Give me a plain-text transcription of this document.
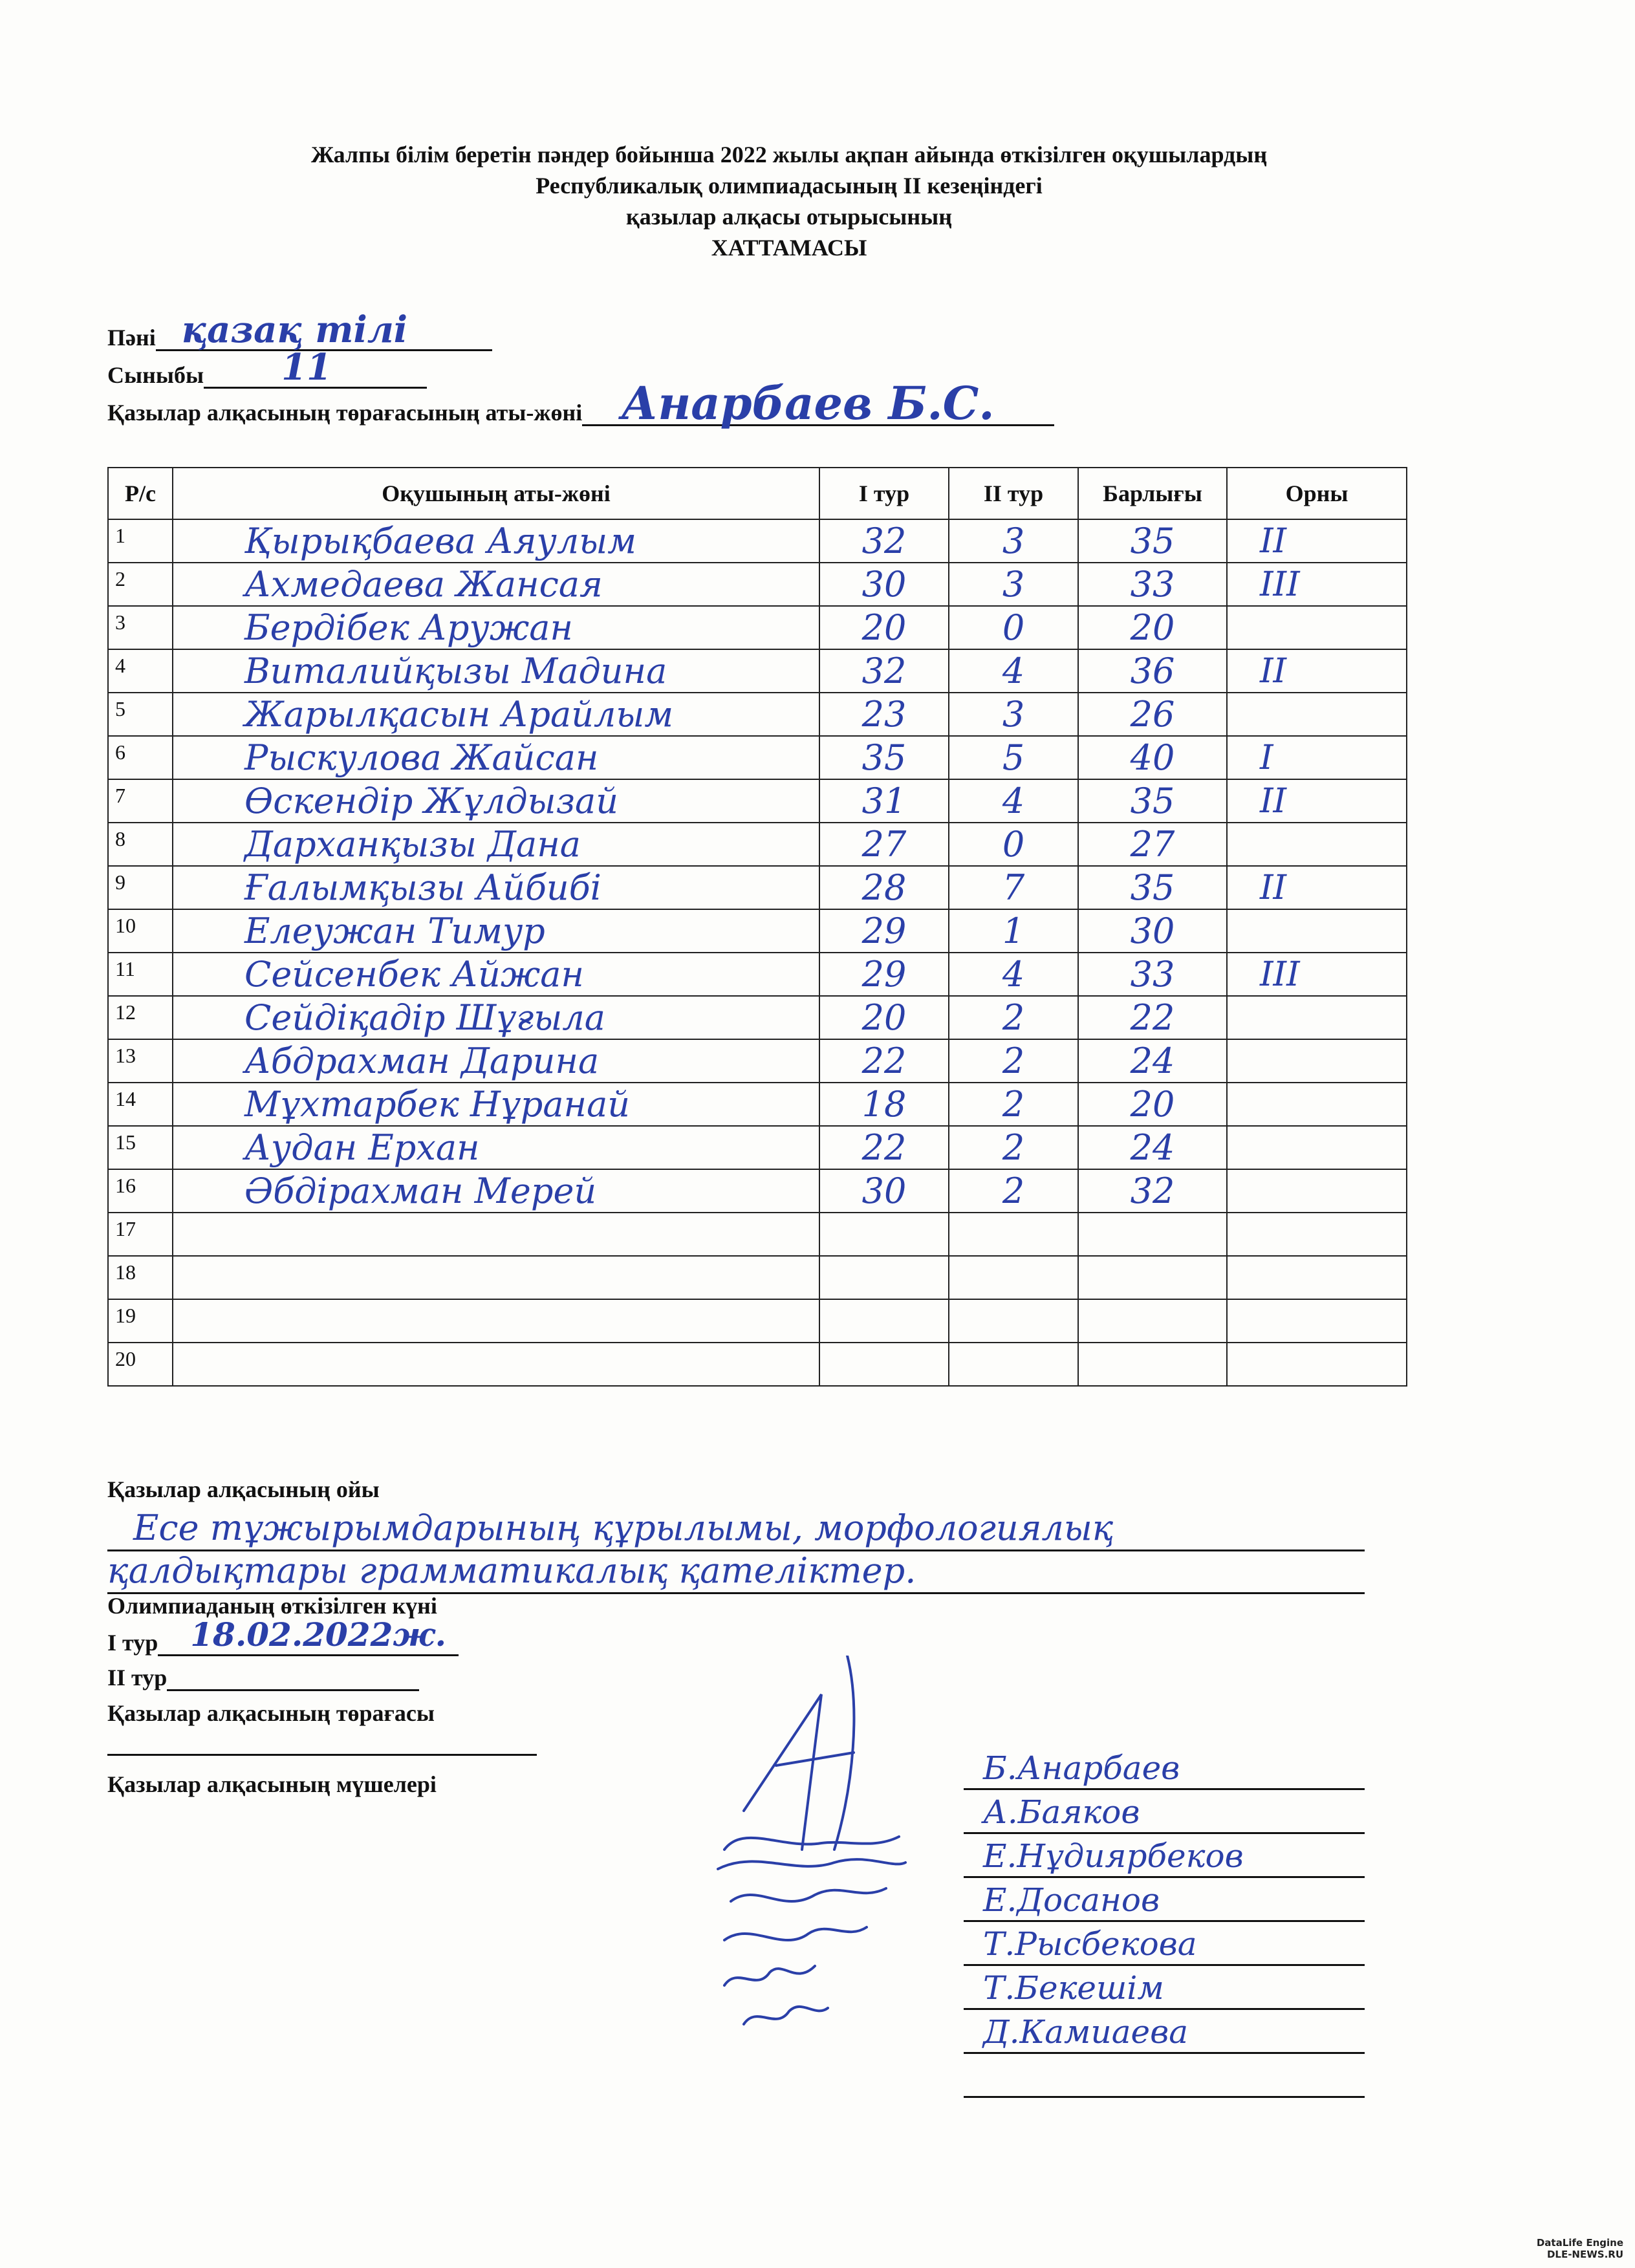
Жалпы білім беретін пәндер бойынша 2022 жылы ақпан айында өткізілген оқушылардың
Республикалық олимпиадасының ІІ кезеңіндегі
қазылар алқасы отырысының
ХАТТАМАСЫ
Пәні қазақ тілі
Сыныбы 11
Қазылар алқасының төрағасының аты-жөні Анарбаев Б.С.
Р/с	Оқушының аты-жөні	І тур	ІІ тур	Барлығы	Орны
1	Қырықбаева Аяулым	32	3	35	ІІ
2	Ахмедаева Жансая	30	3	33	ІІІ
3	Бердібек Аружан	20	0	20	
4	Виталийқызы Мадина	32	4	36	ІІ
5	Жарылқасын Арайлым	23	3	26	
6	Рыскулова Жайсан	35	5	40	І
7	Өскендір Жұлдызай	31	4	35	ІІ
8	Дарханқызы Дана	27	0	27	
9	Ғалымқызы Айбибі	28	7	35	ІІ
10	Елеужан Тимур	29	1	30	
11	Сейсенбек Айжан	29	4	33	ІІІ
12	Сейдіқадір Шұғыла	20	2	22	
13	Абдрахман Дарина	22	2	24	
14	Мұхтарбек Нұранай	18	2	20	
15	Аудан Ерхан	22	2	24	
16	Әбдірахман Мерей	30	2	32	
17					
18					
19					
20					
Қазылар алқасының ойы
Есе тұжырымдарының құрылымы, морфологиялық
қалдықтары грамматикалық қателіктер.
Олимпиаданың өткізілген күні
І тур 18.02.2022ж.
ІІ тур
Қазылар алқасының төрағасы
Қазылар алқасының мүшелері	Б.Анарбаев
А.Баяков
Е.Нұдиярбеков
Е.Досанов
Т.Рысбекова
Т.Бекешім
Д.Камиаева
DataLife Engine
DLE-NEWS.RU
